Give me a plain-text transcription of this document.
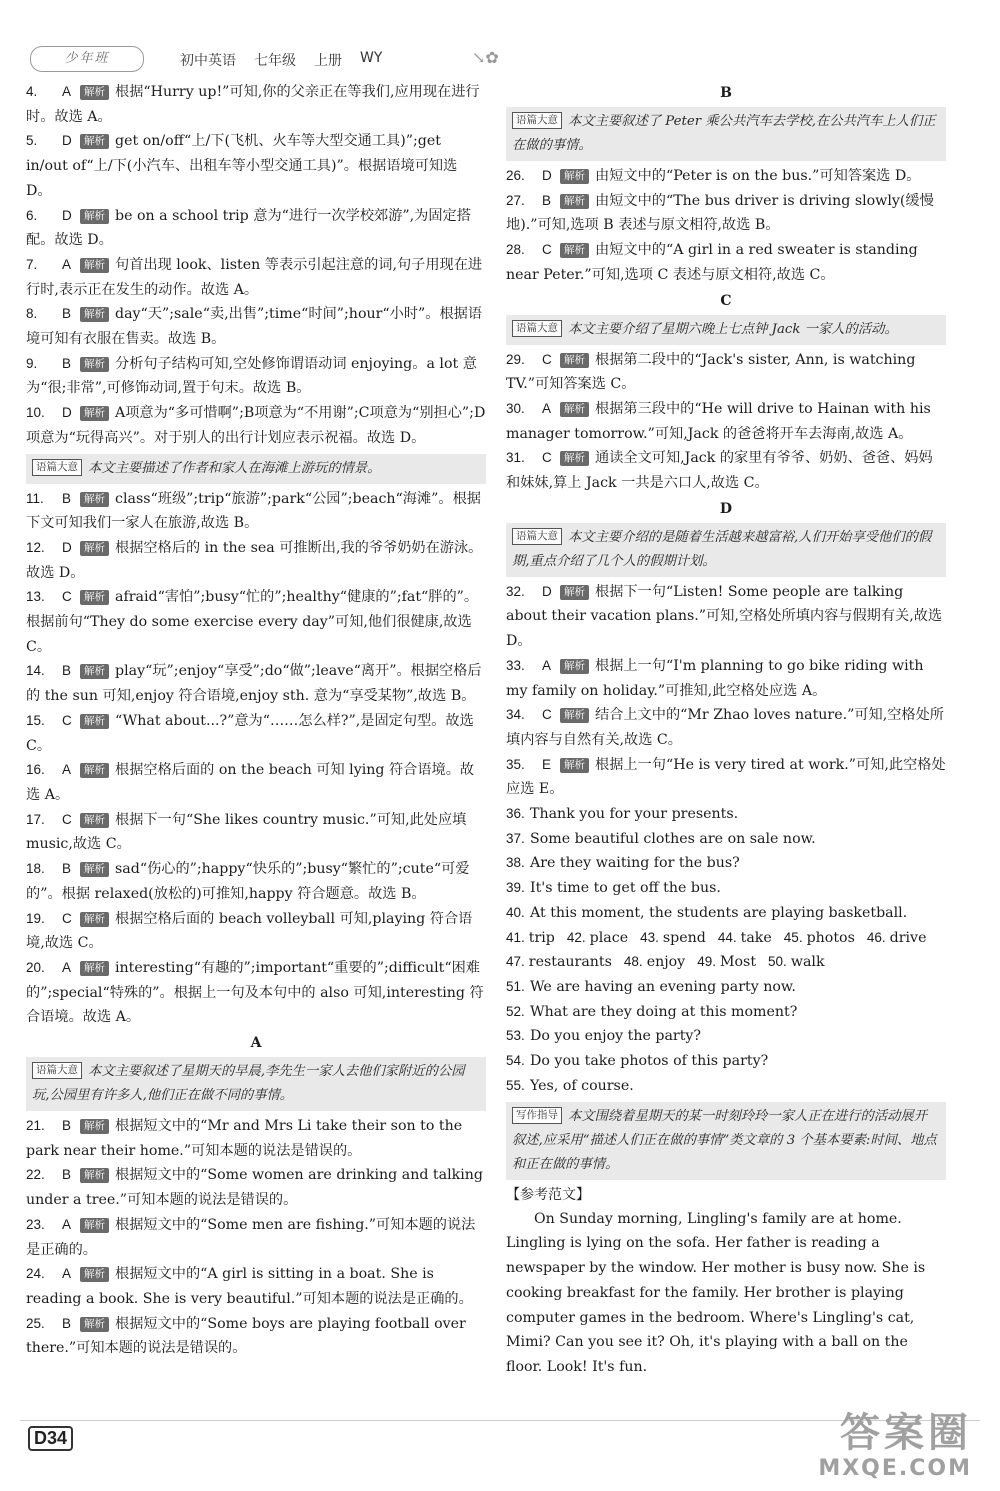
少年班	初中英语 七年级 上册 WY	↘✿
4. A 解析 根据“Hurry up!”可知,你的父亲正在等我们,应用现在进行时。故选 A。
5. D 解析 get on/off“上/下(飞机、火车等大型交通工具)”;get in/out of“上/下(小汽车、出租车等小型交通工具)”。根据语境可知选 D。
6. D 解析 be on a school trip 意为“进行一次学校郊游”,为固定搭配。故选 D。
7. A 解析 句首出现 look、listen 等表示引起注意的词,句子用现在进行时,表示正在发生的动作。故选 A。
8. B 解析 day“天”;sale“卖,出售”;time“时间”;hour“小时”。根据语境可知有衣服在售卖。故选 B。
9. B 解析 分析句子结构可知,空处修饰谓语动词 enjoying。a lot 意为“很;非常”,可修饰动词,置于句末。故选 B。
10. D 解析 A项意为“多可惜啊”;B项意为“不用谢”;C项意为“别担心”;D项意为“玩得高兴”。对于别人的出行计划应表示祝福。故选 D。
语篇大意 本文主要描述了作者和家人在海滩上游玩的情景。
11. B 解析 class“班级”;trip“旅游”;park“公园”;beach“海滩”。根据下文可知我们一家人在旅游,故选 B。
12. D 解析 根据空格后的 in the sea 可推断出,我的爷爷奶奶在游泳。故选 D。
13. C 解析 afraid“害怕”;busy“忙的”;healthy“健康的”;fat“胖的”。根据前句“They do some exercise every day”可知,他们很健康,故选 C。
14. B 解析 play“玩”;enjoy“享受”;do“做”;leave“离开”。根据空格后的 the sun 可知,enjoy 符合语境,enjoy sth. 意为“享受某物”,故选 B。
15. C 解析 “What about...?”意为“……怎么样?”,是固定句型。故选 C。
16. A 解析 根据空格后面的 on the beach 可知 lying 符合语境。故选 A。
17. C 解析 根据下一句“She likes country music.”可知,此处应填 music,故选 C。
18. B 解析 sad“伤心的”;happy“快乐的”;busy“繁忙的”;cute“可爱的”。根据 relaxed(放松的)可推知,happy 符合题意。故选 B。
19. C 解析 根据空格后面的 beach volleyball 可知,playing 符合语境,故选 C。
20. A 解析 interesting“有趣的”;important“重要的”;difficult“困难的”;special“特殊的”。根据上一句及本句中的 also 可知,interesting 符合语境。故选 A。
A
语篇大意 本文主要叙述了星期天的早晨,李先生一家人去他们家附近的公园玩,公园里有许多人,他们正在做不同的事情。
21. B 解析 根据短文中的“Mr and Mrs Li take their son to the park near their home.”可知本题的说法是错误的。
22. B 解析 根据短文中的“Some women are drinking and talking under a tree.”可知本题的说法是错误的。
23. A 解析 根据短文中的“Some men are fishing.”可知本题的说法是正确的。
24. A 解析 根据短文中的“A girl is sitting in a boat. She is reading a book. She is very beautiful.”可知本题的说法是正确的。
25. B 解析 根据短文中的“Some boys are playing football over there.”可知本题的说法是错误的。
B
语篇大意 本文主要叙述了 Peter 乘公共汽车去学校,在公共汽车上人们正在做的事情。
26. D 解析 由短文中的“Peter is on the bus.”可知答案选 D。
27. B 解析 由短文中的“The bus driver is driving slowly(缓慢地).”可知,选项 B 表述与原文相符,故选 B。
28. C 解析 由短文中的“A girl in a red sweater is standing near Peter.”可知,选项 C 表述与原文相符,故选 C。
C
语篇大意 本文主要介绍了星期六晚上七点钟 Jack 一家人的活动。
29. C 解析 根据第二段中的“Jack's sister, Ann, is watching TV.”可知答案选 C。
30. A 解析 根据第三段中的“He will drive to Hainan with his manager tomorrow.”可知,Jack 的爸爸将开车去海南,故选 A。
31. C 解析 通读全文可知,Jack 的家里有爷爷、奶奶、爸爸、妈妈和妹妹,算上 Jack 一共是六口人,故选 C。
D
语篇大意 本文主要介绍的是随着生活越来越富裕,人们开始享受他们的假期,重点介绍了几个人的假期计划。
32. D 解析 根据下一句“Listen! Some people are talking about their vacation plans.”可知,空格处所填内容与假期有关,故选 D。
33. A 解析 根据上一句“I'm planning to go bike riding with my family on holiday.”可推知,此空格处应选 A。
34. C 解析 结合上文中的“Mr Zhao loves nature.”可知,空格处所填内容与自然有关,故选 C。
35. E 解析 根据上一句“He is very tired at work.”可知,此空格处应选 E。
36. Thank you for your presents.
37. Some beautiful clothes are on sale now.
38. Are they waiting for the bus?
39. It's time to get off the bus.
40. At this moment, the students are playing basketball.
41. trip 42. place 43. spend 44. take 45. photos 46. drive
47. restaurants 48. enjoy 49. Most 50. walk
51. We are having an evening party now.
52. What are they doing at this moment?
53. Do you enjoy the party?
54. Do you take photos of this party?
55. Yes, of course.
写作指导 本文围绕着星期天的某一时刻玲玲一家人正在进行的活动展开叙述,应采用“描述人们正在做的事情”类文章的 3 个基本要素:时间、地点和正在做的事情。
【参考范文】

On Sunday morning, Lingling's family are at home. Lingling is lying on the sofa. Her father is reading a newspaper by the window. Her mother is busy now. She is cooking breakfast for the family. Her brother is playing computer games in the bedroom. Where's Lingling's cat, Mimi? Can you see it? Oh, it's playing with a ball on the floor. Look! It's fun.

D34	答案圈
MXQE.COM
